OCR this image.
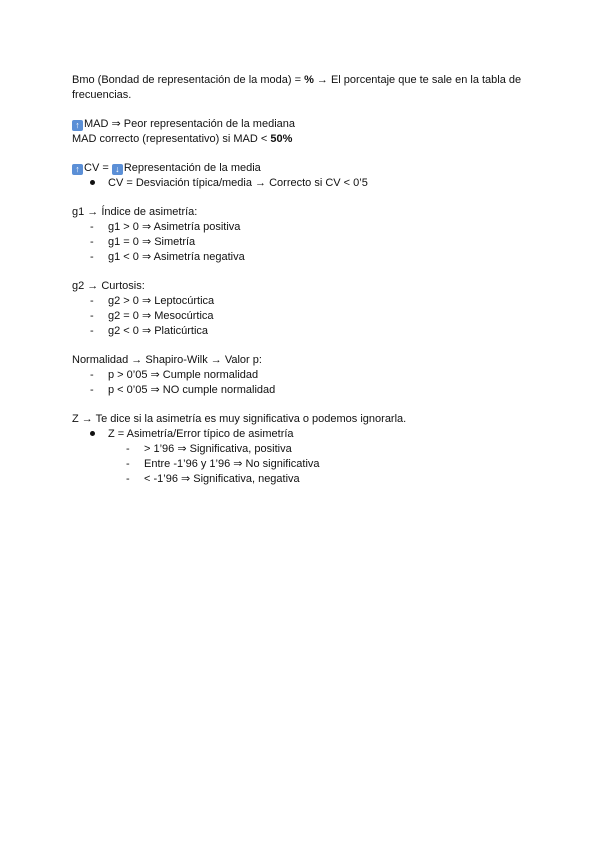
Bmo (Bondad de representación de la moda) = % → El porcentaje que te sale en la tabla de

frecuencias.

↑ MAD ⇒ Peor representación de la mediana

MAD correcto (representativo) si MAD < 50%

↑ CV = ↓ Representación de la media

CV = Desviación típica/media → Correcto si CV < 0’5

g1 → Índice de asimetría:

-	g1 > 0 ⇒ Asimetría positiva
-	g1 = 0 ⇒ Simetría
-	g1 < 0 ⇒ Asimetría negativa

g2 → Curtosis:

-	g2 > 0 ⇒ Leptocúrtica
-	g2 = 0 ⇒ Mesocúrtica
-	g2 < 0 ⇒ Platicúrtica

Normalidad → Shapiro-Wilk → Valor p:

-	p > 0’05 ⇒ Cumple normalidad
-	p < 0’05 ⇒ NO cumple normalidad

Z → Te dice si la asimetría es muy significativa o podemos ignorarla.

Z = Asimetría/Error típico de asimetría
-	> 1’96 ⇒ Significativa, positiva
-	Entre -1’96 y 1’96 ⇒ No significativa
-	< -1’96 ⇒ Significativa, negativa
